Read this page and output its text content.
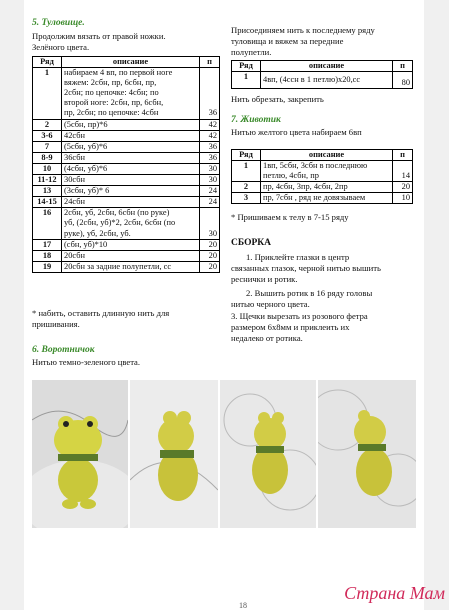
5. Туловище.
Продолжим вязать от правой ножки.
Зелёного цвета.
Ряд	описание	п
1	набираем 4 вп, по первой ноге
вяжем: 2сбн, пр, 6сбн, пр,
2сбн; по цепочке: 4сбн; по
второй ноге: 2сбн, пр, 6сбн,
пр, 2сбн; по цепочке: 4сбн	36
2	(5сбн, пр)*6	42
3-6	42сбн	42
7	(5сбн, уб)*6	36
8-9	36сбн	36
10	(4сбн, уб)*6	30
11-12	30сбн	30
13	(3сбн, уб)* 6	24
14-15	24сбн	24
16	2сбн, уб, 2сбн, 6сбн (по руке)
уб, (2сбн, уб)*2, 2сбн, 6сбн (по
руке), уб, 2сбн, уб.	30
17	(сбн, уб)*10	20
18	20сбн	20
19	20сбн за задние полупетли, сс	20
* набить, оставить длинную нить для
пришивания.
6. Воротничок
Нитью темно-зеленого цвета.
Присоединяем нить к последнему ряду
туловища и вяжем за передние
полупетли.
Ряд	описание	п
1	4вп, (4ссн в 1 петлю)х20,сс	80
Нить обрезать, закрепить
7. Животик
Нитью желтого цвета набираем 6вп
Ряд	описание	п
1	1вп, 5сбн, 3сбн в последнюю
петлю, 4сбн, пр	14
2	пр, 4сбн, 3пр, 4сбн, 2пр	20
3	пр, 7сбн , ряд не довязываем	10
* Пришиваем к телу в 7-15 ряду
СБОРКА
1. Приклейте глазки в центр
связанных глазок, черной нитью вышить
реснички и ротик.
2. Вышить ротик в 16 ряду головы
нитью черного цвета.
3. Щечки вырезать из розового фетра
размером 6х8мм и приклеить их
недалеко от ротика.
18
Страна Мам
